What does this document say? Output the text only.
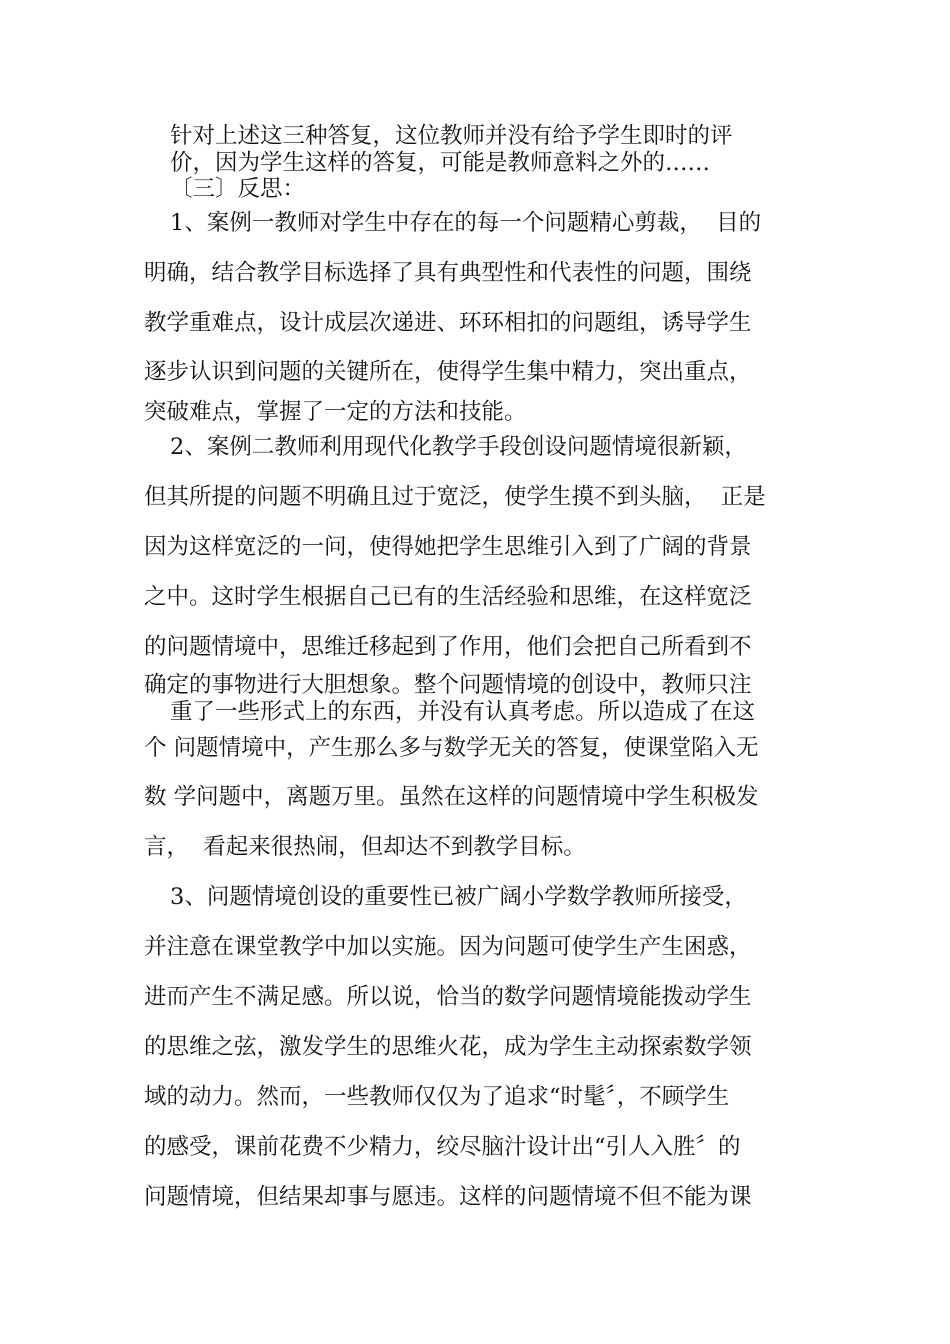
针对上述这三种答复，这位教师并没有给予学生即时的评
价，因为学生这样的答复，可能是教师意料之外的……
〔三〕反思：
1、案例一教师对学生中存在的每一个问题精心剪裁，  目的
明确，结合教学目标选择了具有典型性和代表性的问题，围绕
教学重难点，设计成层次递进、环环相扣的问题组，诱导学生
逐步认识到问题的关键所在，使得学生集中精力，突出重点，
突破难点，掌握了一定的方法和技能。
2、案例二教师利用现代化教学手段创设问题情境很新颖，
但其所提的问题不明确且过于宽泛，使学生摸不到头脑，  正是
因为这样宽泛的一问，使得她把学生思维引入到了广阔的背景
之中。这时学生根据自己已有的生活经验和思维，在这样宽泛
的问题情境中，思维迁移起到了作用，他们会把自己所看到不
确定的事物进行大胆想象。整个问题情境的创设中，教师只注
重了一些形式上的东西，并没有认真考虑。所以造成了在这
个 问题情境中，产生那么多与数学无关的答复，使课堂陷入无
数 学问题中，离题万里。虽然在这样的问题情境中学生积极发
言，  看起来很热闹，但却达不到教学目标。
3、问题情境创设的重要性已被广阔小学数学教师所接受，
并注意在课堂教学中加以实施。因为问题可使学生产生困惑，
进而产生不满足感。所以说，恰当的数学问题情境能拨动学生
的思维之弦，激发学生的思维火花，成为学生主动探索数学领
域的动力。然而，一些教师仅仅为了追求“时髦〞，不顾学生
的感受，课前花费不少精力，绞尽脑汁设计出“引人入胜〞的
问题情境，但结果却事与愿违。这样的问题情境不但不能为课
